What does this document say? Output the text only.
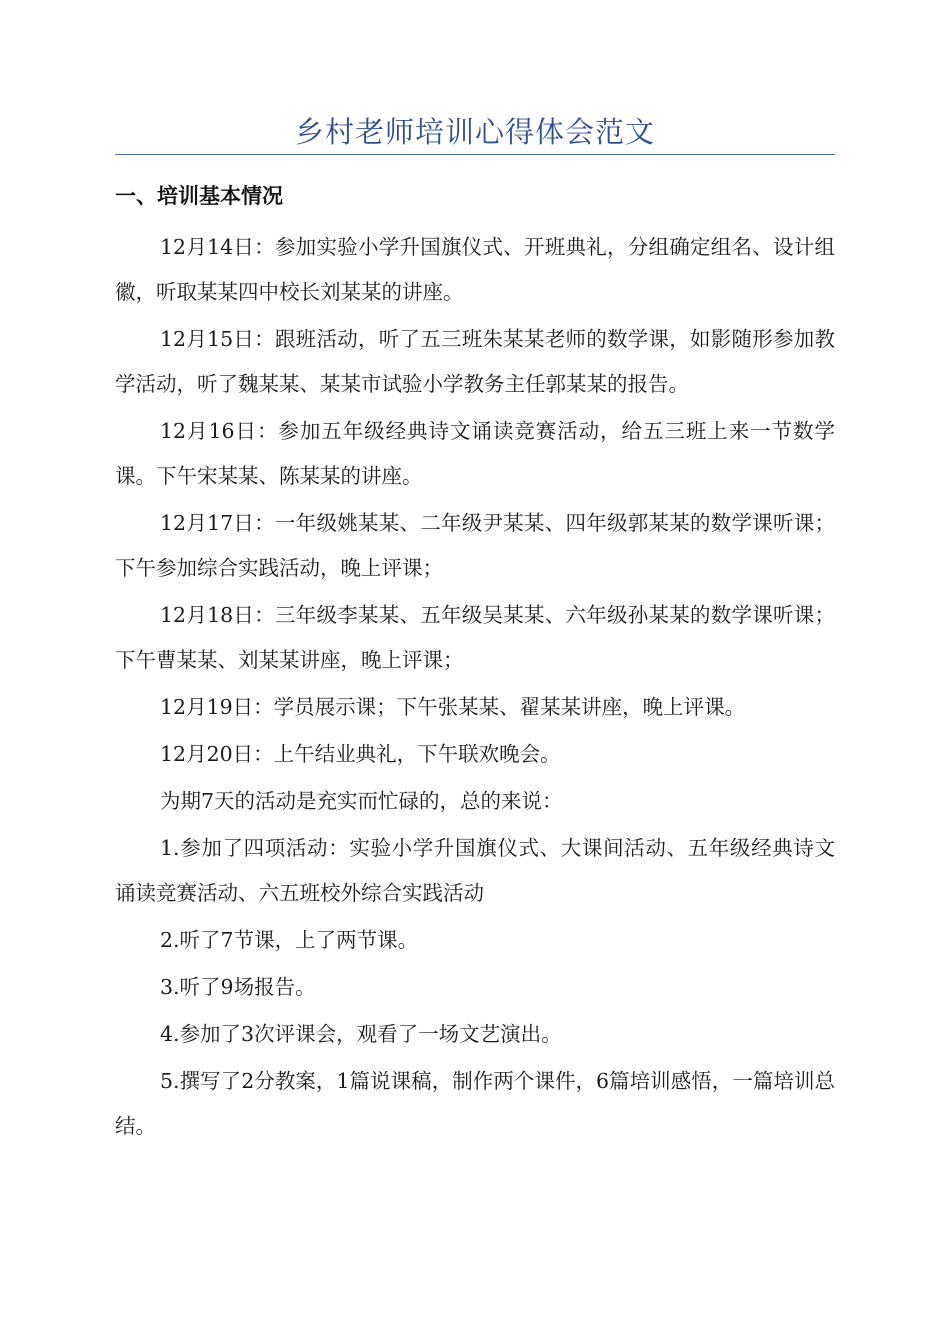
乡村老师培训心得体会范文
一、培训基本情况

12月14日：参加实验小学升国旗仪式、开班典礼，分组确定组名、设计组徽，听取某某四中校长刘某某的讲座。

12月15日：跟班活动，听了五三班朱某某老师的数学课，如影随形参加教学活动，听了魏某某、某某市试验小学教务主任郭某某的报告。

12月16日：参加五年级经典诗文诵读竞赛活动，给五三班上来一节数学课。下午宋某某、陈某某的讲座。

12月17日：一年级姚某某、二年级尹某某、四年级郭某某的数学课听课；下午参加综合实践活动，晚上评课；

12月18日：三年级李某某、五年级吴某某、六年级孙某某的数学课听课；下午曹某某、刘某某讲座，晚上评课；

12月19日：学员展示课；下午张某某、翟某某讲座，晚上评课。

12月20日：上午结业典礼，下午联欢晚会。

为期7天的活动是充实而忙碌的，总的来说：

1.参加了四项活动：实验小学升国旗仪式、大课间活动、五年级经典诗文诵读竞赛活动、六五班校外综合实践活动

2.听了7节课，上了两节课。

3.听了9场报告。

4.参加了3次评课会，观看了一场文艺演出。

5.撰写了2分教案，1篇说课稿，制作两个课件，6篇培训感悟，一篇培训总结。
